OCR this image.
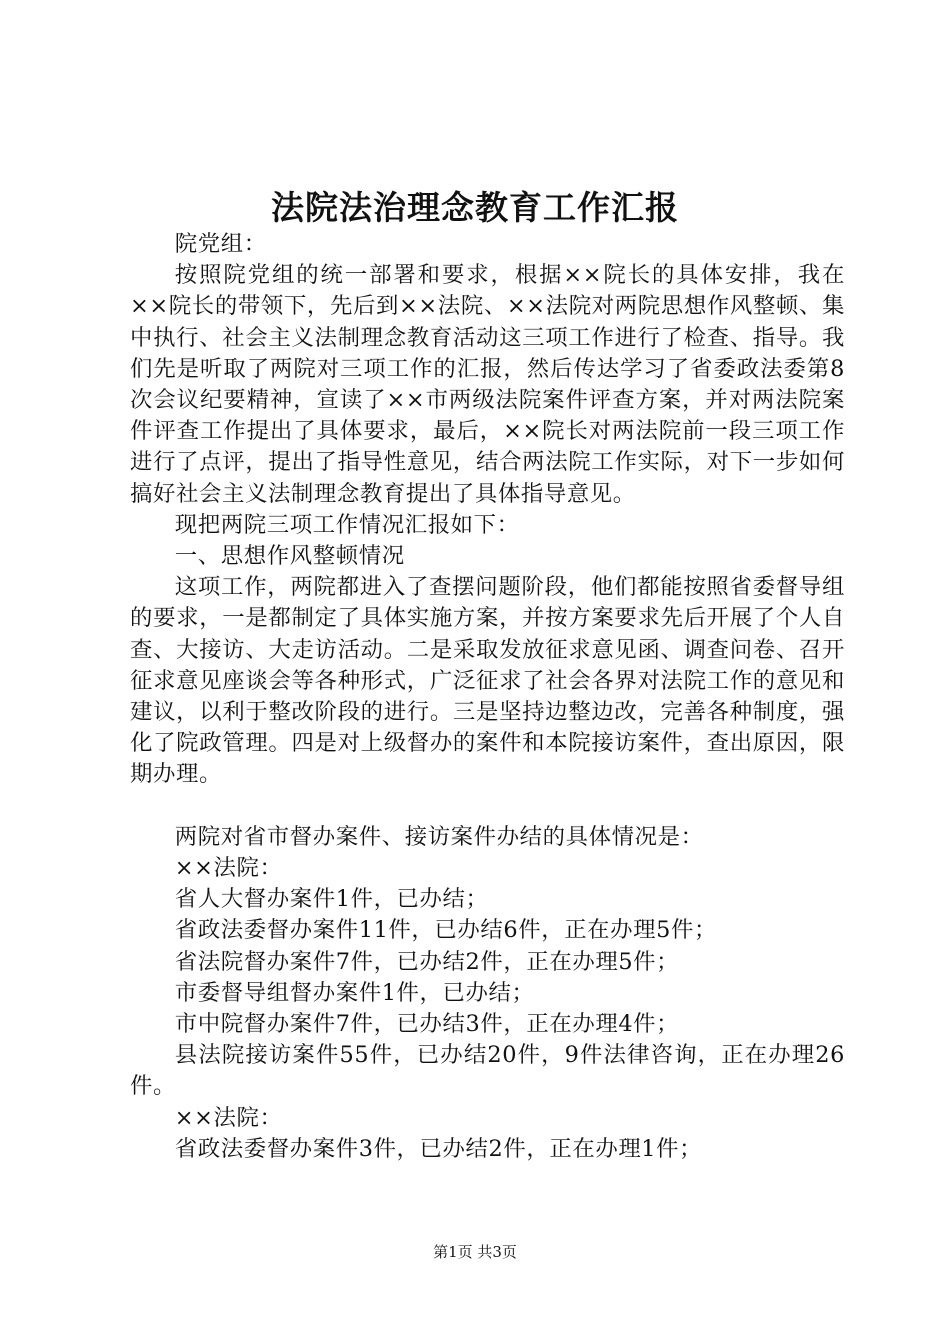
法院法治理念教育工作汇报

院党组：

按照院党组的统一部署和要求，根据××院长的具体安排，我在××院长的带领下，先后到××法院、××法院对两院思想作风整顿、集中执行、社会主义法制理念教育活动这三项工作进行了检查、指导。我们先是听取了两院对三项工作的汇报，然后传达学习了省委政法委第8次会议纪要精神，宣读了××市两级法院案件评查方案，并对两法院案件评查工作提出了具体要求，最后，××院长对两法院前一段三项工作进行了点评，提出了指导性意见，结合两法院工作实际，对下一步如何搞好社会主义法制理念教育提出了具体指导意见。

现把两院三项工作情况汇报如下：

一、思想作风整顿情况

这项工作，两院都进入了查摆问题阶段，他们都能按照省委督导组的要求，一是都制定了具体实施方案，并按方案要求先后开展了个人自查、大接访、大走访活动。二是采取发放征求意见函、调查问卷、召开征求意见座谈会等各种形式，广泛征求了社会各界对法院工作的意见和建议，以利于整改阶段的进行。三是坚持边整边改，完善各种制度，强化了院政管理。四是对上级督办的案件和本院接访案件，查出原因，限期办理。

两院对省市督办案件、接访案件办结的具体情况是：

××法院：

省人大督办案件1件，已办结；

省政法委督办案件11件，已办结6件，正在办理5件；

省法院督办案件7件，已办结2件，正在办理5件；

市委督导组督办案件1件，已办结；

市中院督办案件7件，已办结3件，正在办理4件；

县法院接访案件55件，已办结20件，9件法律咨询，正在办理26件。

××法院：

省政法委督办案件3件，已办结2件，正在办理1件；

第1页 共3页
